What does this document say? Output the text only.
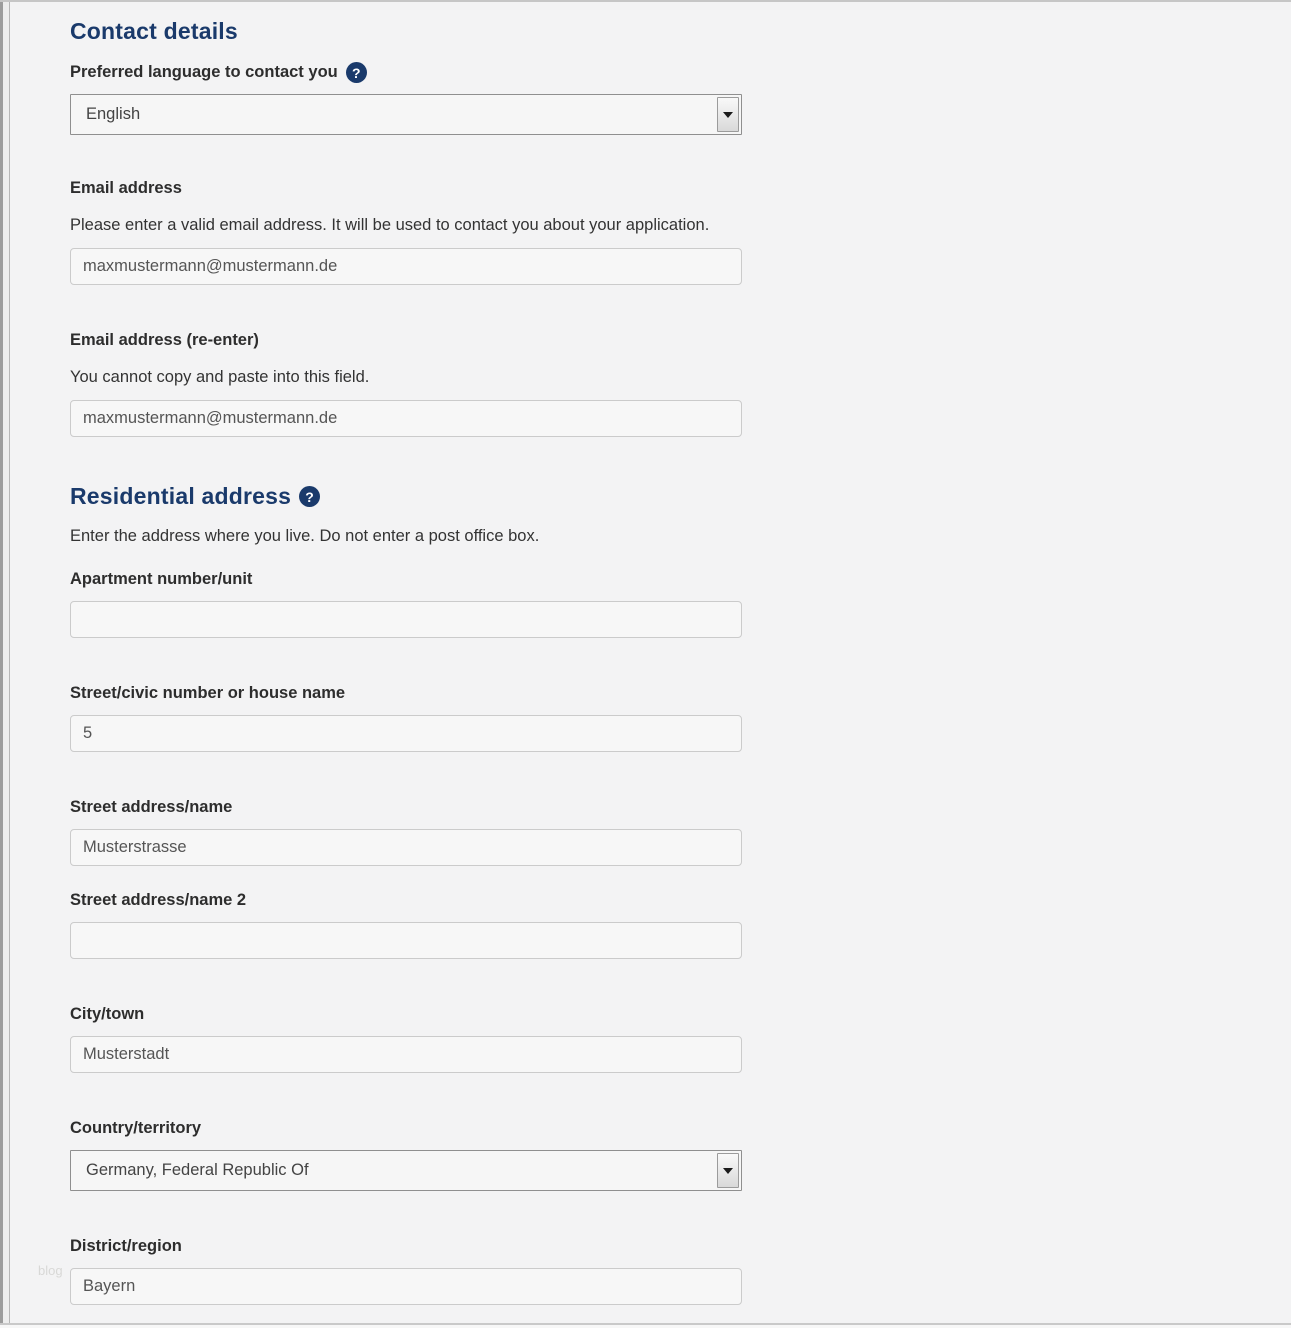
Contact details
Preferred language to contact you	?
English
Email address
Please enter a valid email address. It will be used to contact you about your application.
maxmustermann@mustermann.de
Email address (re-enter)
You cannot copy and paste into this field.
maxmustermann@mustermann.de
Residential address	?
Enter the address where you live. Do not enter a post office box.
Apartment number/unit
Street/civic number or house name
5
Street address/name
Musterstrasse
Street address/name 2
City/town
Musterstadt
Country/territory
Germany, Federal Republic Of
District/region
Bayern
blog
